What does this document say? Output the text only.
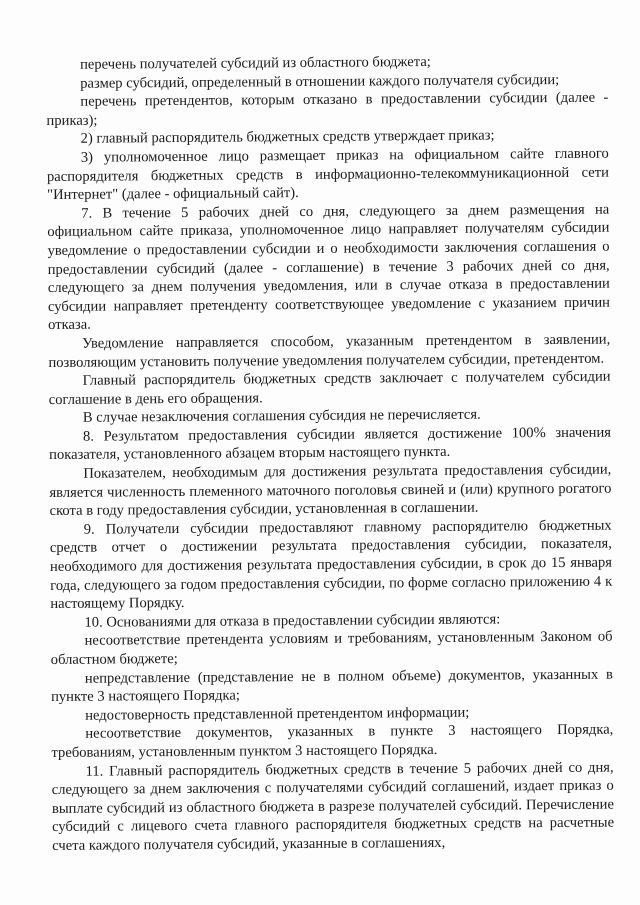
перечень получателей субсидий из областного бюджета;

размер субсидий, определенный в отношении каждого получателя субсидии;

перечень претендентов, которым отказано в предоставлении субсидии (далее - приказ);

2) главный распорядитель бюджетных средств утверждает приказ;

3) уполномоченное лицо размещает приказ на официальном сайте главного распорядителя бюджетных средств в информационно-телекоммуникационной сети "Интернет" (далее - официальный сайт).

7. В течение 5 рабочих дней со дня, следующего за днем размещения на официальном сайте приказа, уполномоченное лицо направляет получателям субсидии уведомление о предоставлении субсидии и о необходимости заключения соглашения о предоставлении субсидий (далее - соглашение) в течение 3 рабочих дней со дня, следующего за днем получения уведомления, или в случае отказа в предоставлении субсидии направляет претенденту соответствующее уведомление с указанием причин отказа.

Уведомление направляется способом, указанным претендентом в заявлении, позволяющим установить получение уведомления получателем субсидии, претендентом.

Главный распорядитель бюджетных средств заключает с получателем субсидии соглашение в день его обращения.

В случае незаключения соглашения субсидия не перечисляется.

8. Результатом предоставления субсидии является достижение 100% значения показателя, установленного абзацем вторым настоящего пункта.

Показателем, необходимым для достижения результата предоставления субсидии, является численность племенного маточного поголовья свиней и (или) крупного рогатого скота в году предоставления субсидии, установленная в соглашении.

9. Получатели субсидии предоставляют главному распорядителю бюджетных средств отчет о достижении результата предоставления субсидии, показателя, необходимого для достижения результата предоставления субсидии, в срок до 15 января года, следующего за годом предоставления субсидии, по форме согласно приложению 4 к настоящему Порядку.

10. Основаниями для отказа в предоставлении субсидии являются:

несоответствие претендента условиям и требованиям, установленным Законом об областном бюджете;

непредставление (представление не в полном объеме) документов, указанных в пункте 3 настоящего Порядка;

недостоверность представленной претендентом информации;

несоответствие документов, указанных в пункте 3 настоящего Порядка, требованиям, установленным пунктом 3 настоящего Порядка.

11. Главный распорядитель бюджетных средств в течение 5 рабочих дней со дня, следующего за днем заключения с получателями субсидий соглашений, издает приказ о выплате субсидий из областного бюджета в разрезе получателей субсидий. Перечисление субсидий с лицевого счета главного распорядителя бюджетных средств на расчетные счета каждого получателя субсидий, указанные в соглашениях,
